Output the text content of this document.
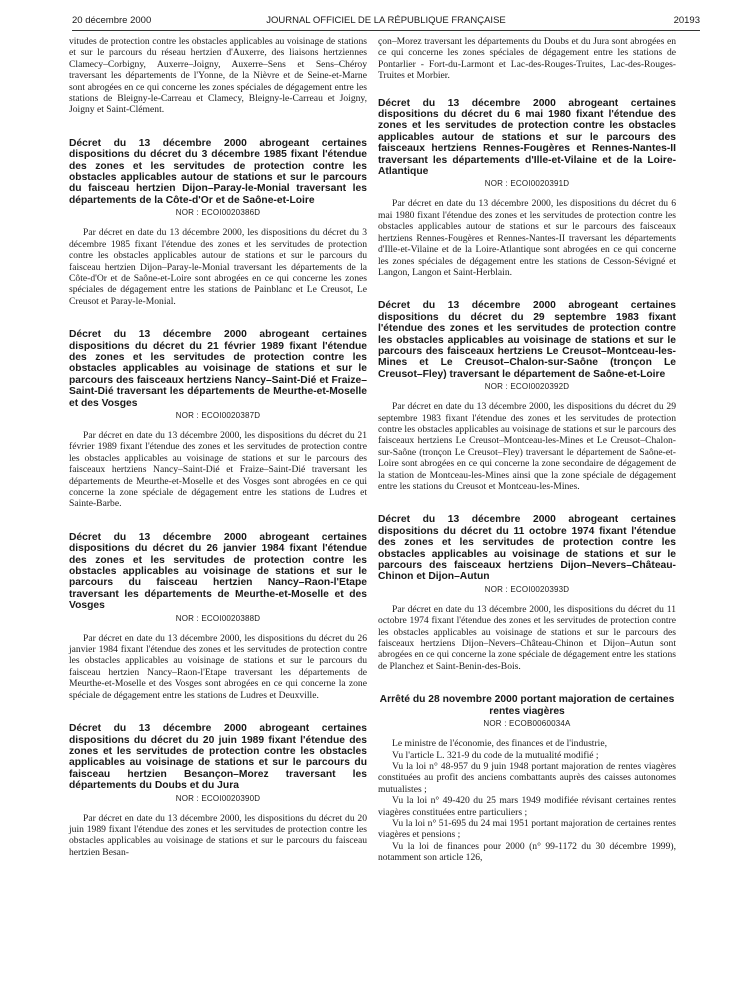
20 décembre 2000	JOURNAL OFFICIEL DE LA RÉPUBLIQUE FRANÇAISE	20193

vitudes de protection contre les obstacles applicables au voisinage de stations et sur le parcours du réseau hertzien d'Auxerre, des liaisons hertziennes Clamecy–Corbigny, Auxerre–Joigny, Auxerre–Sens et Sens–Chéroy traversant les départements de l'Yonne, de la Nièvre et de Seine-et-Marne sont abrogées en ce qui concerne les zones spéciales de dégagement entre les stations de Bleigny-le-Carreau et Clamecy, Bleigny-le-Carreau et Joigny, Joigny et Saint-Clément.

Décret du 13 décembre 2000 abrogeant certaines dispositions du décret du 3 décembre 1985 fixant l'étendue des zones et les servitudes de protection contre les obstacles applicables autour de stations et sur le parcours du faisceau hertzien Dijon–Paray-le-Monial traversant les départements de la Côte-d'Or et de Saône-et-Loire

NOR : ECOI0020386D

Par décret en date du 13 décembre 2000, les dispositions du décret du 3 décembre 1985 fixant l'étendue des zones et les servitudes de protection contre les obstacles applicables autour de stations et sur le parcours du faisceau hertzien Dijon–Paray-le-Monial traversant les départements de la Côte-d'Or et de Saône-et-Loire sont abrogées en ce qui concerne les zones spéciales de dégagement entre les stations de Painblanc et Le Creusot, Le Creusot et Paray-le-Monial.

Décret du 13 décembre 2000 abrogeant certaines dispositions du décret du 21 février 1989 fixant l'étendue des zones et les servitudes de protection contre les obstacles applicables au voisinage de stations et sur le parcours des faisceaux hertziens Nancy–Saint-Dié et Fraize–Saint-Dié traversant les départements de Meurthe-et-Moselle et des Vosges

NOR : ECOI0020387D

Par décret en date du 13 décembre 2000, les dispositions du décret du 21 février 1989 fixant l'étendue des zones et les servitudes de protection contre les obstacles applicables au voisinage de stations et sur le parcours des faisceaux hertziens Nancy–Saint-Dié et Fraize–Saint-Dié traversant les départements de Meurthe-et-Moselle et des Vosges sont abrogées en ce qui concerne la zone spéciale de dégagement entre les stations de Ludres et Sainte-Barbe.

Décret du 13 décembre 2000 abrogeant certaines dispositions du décret du 26 janvier 1984 fixant l'étendue des zones et les servitudes de protection contre les obstacles applicables au voisinage de stations et sur le parcours du faisceau hertzien Nancy–Raon-l'Etape traversant les départements de Meurthe-et-Moselle et des Vosges

NOR : ECOI0020388D

Par décret en date du 13 décembre 2000, les dispositions du décret du 26 janvier 1984 fixant l'étendue des zones et les servitudes de protection contre les obstacles applicables au voisinage de stations et sur le parcours du faisceau hertzien Nancy–Raon-l'Etape traversant les départements de Meurthe-et-Moselle et des Vosges sont abrogées en ce qui concerne la zone spéciale de dégagement entre les stations de Ludres et Deuxville.

Décret du 13 décembre 2000 abrogeant certaines dispositions du décret du 20 juin 1989 fixant l'étendue des zones et les servitudes de protection contre les obstacles applicables au voisinage de stations et sur le parcours du faisceau hertzien Besançon–Morez traversant les départements du Doubs et du Jura

NOR : ECOI0020390D

Par décret en date du 13 décembre 2000, les dispositions du décret du 20 juin 1989 fixant l'étendue des zones et les servitudes de protection contre les obstacles applicables au voisinage de stations et sur le parcours du faisceau hertzien Besan-

çon–Morez traversant les départements du Doubs et du Jura sont abrogées en ce qui concerne les zones spéciales de dégagement entre les stations de Pontarlier - Fort-du-Larmont et Lac-des-Rouges-Truites, Lac-des-Rouges-Truites et Morbier.

Décret du 13 décembre 2000 abrogeant certaines dispositions du décret du 6 mai 1980 fixant l'étendue des zones et les servitudes de protection contre les obstacles applicables autour de stations et sur le parcours des faisceaux hertziens Rennes-Fougères et Rennes-Nantes-II traversant les départements d'Ille-et-Vilaine et de la Loire-Atlantique

NOR : ECOI0020391D

Par décret en date du 13 décembre 2000, les dispositions du décret du 6 mai 1980 fixant l'étendue des zones et les servitudes de protection contre les obstacles applicables autour de stations et sur le parcours des faisceaux hertziens Rennes-Fougères et Rennes-Nantes-II traversant les départements d'Ille-et-Vilaine et de la Loire-Atlantique sont abrogées en ce qui concerne les zones spéciales de dégagement entre les stations de Cesson-Sévigné et Langon, Langon et Saint-Herblain.

Décret du 13 décembre 2000 abrogeant certaines dispositions du décret du 29 septembre 1983 fixant l'étendue des zones et les servitudes de protection contre les obstacles applicables au voisinage de stations et sur le parcours des faisceaux hertziens Le Creusot–Montceau-les-Mines et Le Creusot–Chalon-sur-Saône (tronçon Le Creusot–Fley) traversant le département de Saône-et-Loire

NOR : ECOI0020392D

Par décret en date du 13 décembre 2000, les dispositions du décret du 29 septembre 1983 fixant l'étendue des zones et les servitudes de protection contre les obstacles applicables au voisinage de stations et sur le parcours des faisceaux hertziens Le Creusot–Montceau-les-Mines et Le Creusot–Chalon-sur-Saône (tronçon Le Creusot–Fley) traversant le département de Saône-et-Loire sont abrogées en ce qui concerne la zone secondaire de dégagement de la station de Montceau-les-Mines ainsi que la zone spéciale de dégagement entre les stations du Creusot et Montceau-les-Mines.

Décret du 13 décembre 2000 abrogeant certaines dispositions du décret du 11 octobre 1974 fixant l'étendue des zones et les servitudes de protection contre les obstacles applicables au voisinage de stations et sur le parcours des faisceaux hertziens Dijon–Nevers–Château-Chinon et Dijon–Autun

NOR : ECOI0020393D

Par décret en date du 13 décembre 2000, les dispositions du décret du 11 octobre 1974 fixant l'étendue des zones et les servitudes de protection contre les obstacles applicables au voisinage de stations et sur le parcours des faisceaux hertziens Dijon–Nevers–Château-Chinon et Dijon–Autun sont abrogées en ce qui concerne la zone spéciale de dégagement entre les stations de Planchez et Saint-Benin-des-Bois.

Arrêté du 28 novembre 2000 portant majoration de certaines rentes viagères

NOR : ECOB0060034A

Le ministre de l'économie, des finances et de l'industrie,

Vu l'article L. 321-9 du code de la mutualité modifié ;

Vu la loi n° 48-957 du 9 juin 1948 portant majoration de rentes viagères constituées au profit des anciens combattants auprès des caisses autonomes mutualistes ;

Vu la loi n° 49-420 du 25 mars 1949 modifiée révisant certaines rentes viagères constituées entre particuliers ;

Vu la loi n° 51-695 du 24 mai 1951 portant majoration de certaines rentes viagères et pensions ;

Vu la loi de finances pour 2000 (n° 99-1172 du 30 décembre 1999), notamment son article 126,
